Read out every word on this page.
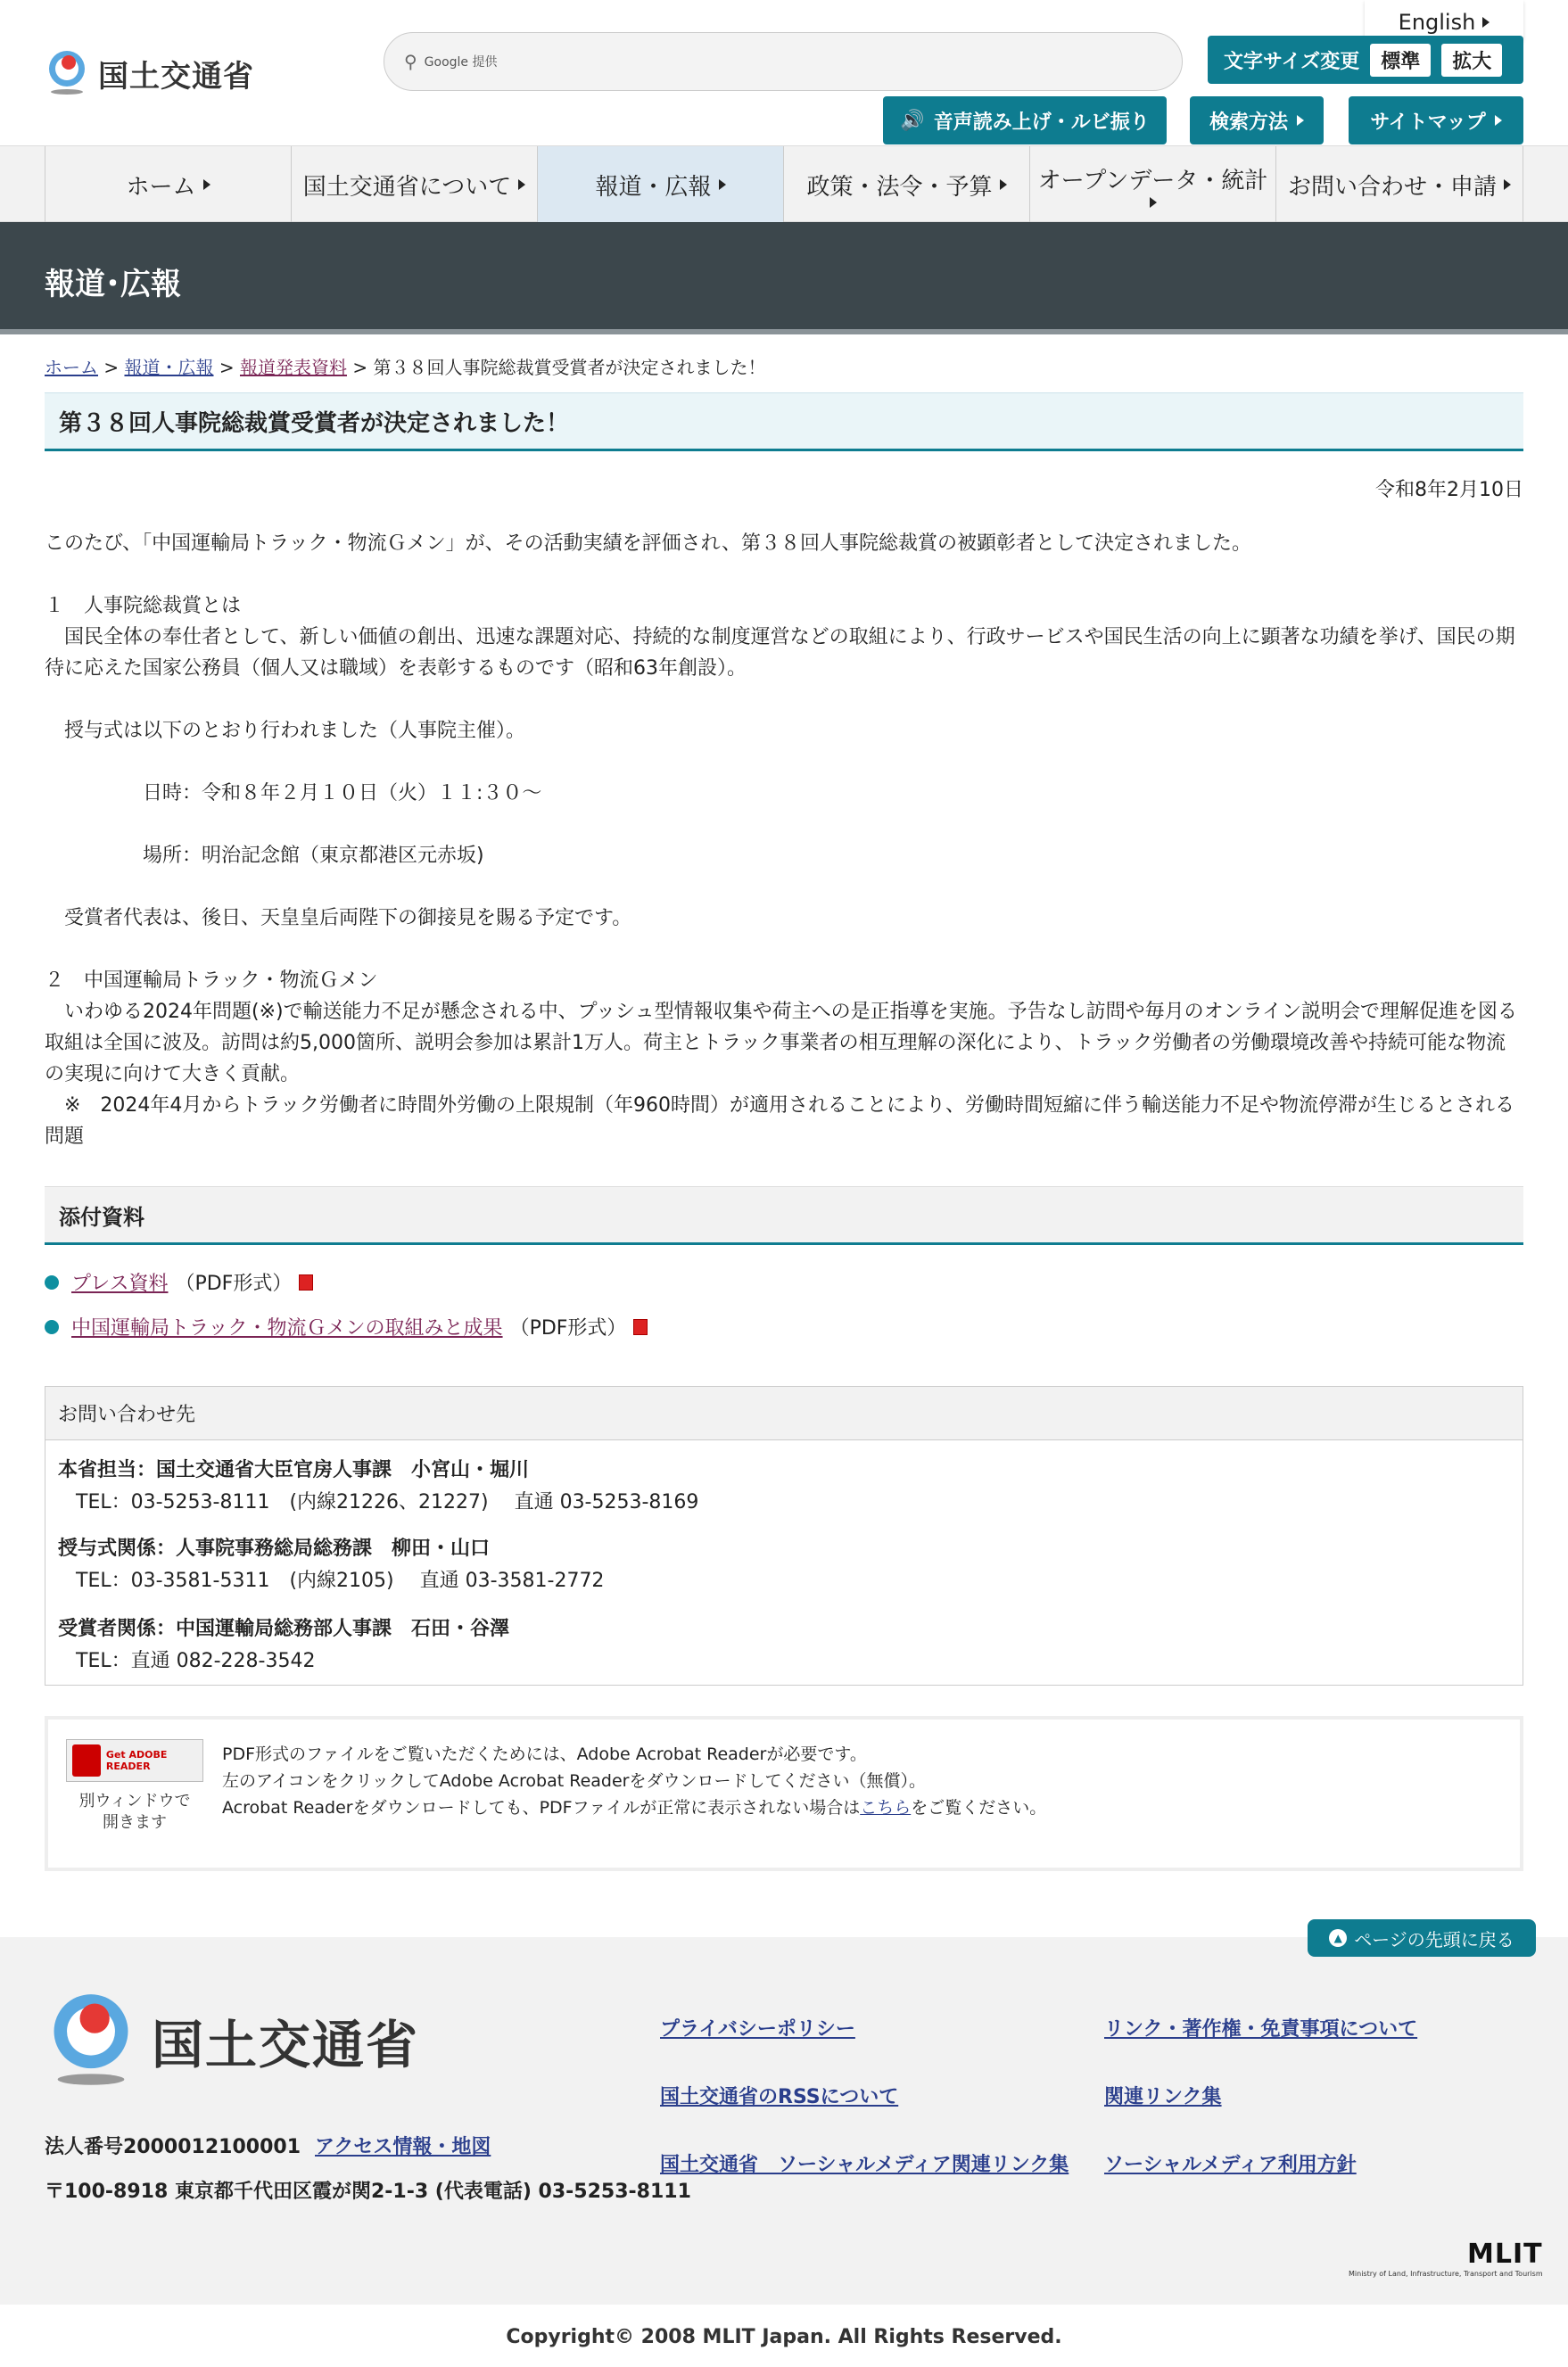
国土交通省	⚲ Google 提供
English
文字サイズ変更	標準	拡大
🔊 音声読み上げ・ルビ振り	検索方法	サイトマップ
ホーム	国土交通省について	報道・広報	政策・法令・予算 オープンデータ・統計 お問い合わせ・申請
報道･広報
ホーム > 報道・広報 > 報道発表資料 > 第３８回人事院総裁賞受賞者が決定されました！
第３８回人事院総裁賞受賞者が決定されました！
令和8年2月10日
このたび、「中国運輸局トラック・物流Ｇメン」が、その活動実績を評価され、第３８回人事院総裁賞の被顕彰者として決定されました。
１　人事院総裁賞とは
　国民全体の奉仕者として、新しい価値の創出、迅速な課題対応、持続的な制度運営などの取組により、行政サービスや国民生活の向上に顕著な功績を挙げ、国民の期待に応えた国家公務員（個人又は職域）を表彰するものです（昭和63年創設）。
　授与式は以下のとおり行われました（人事院主催）。
日時：令和８年２月１０日（火）１１:３０～
場所：明治記念館（東京都港区元赤坂)
　受賞者代表は、後日、天皇皇后両陛下の御接見を賜る予定です。
２　中国運輸局トラック・物流Ｇメン
　いわゆる2024年問題(※)で輸送能力不足が懸念される中、プッシュ型情報収集や荷主への是正指導を実施。予告なし訪問や毎月のオンライン説明会で理解促進を図る取組は全国に波及。訪問は約5,000箇所、説明会参加は累計1万人。荷主とトラック事業者の相互理解の深化により、トラック労働者の労働環境改善や持続可能な物流の実現に向けて大きく貢献。
　※　2024年4月からトラック労働者に時間外労働の上限規制（年960時間）が適用されることにより、労働時間短縮に伴う輸送能力不足や物流停滞が生じるとされる問題
添付資料
プレス資料 （PDF形式）
中国運輸局トラック・物流Ｇメンの取組みと成果 （PDF形式）
お問い合わせ先
本省担当：国土交通省大臣官房人事課　小宮山・堀川
TEL：03-5253-8111　(内線21226、21227)　 直通 03-5253-8169
授与式関係：人事院事務総局総務課　柳田・山口
TEL：03-3581-5311　(内線2105)　 直通 03-3581-2772
受賞者関係：中国運輸局総務部人事課　石田・谷澤
TEL：直通 082-228-3542
Get ADOBE READER
別ウィンドウで
開きます
PDF形式のファイルをご覧いただくためには、Adobe Acrobat Readerが必要です。
左のアイコンをクリックしてAdobe Acrobat Readerをダウンロードしてください（無償）。
Acrobat Readerをダウンロードしても、PDFファイルが正常に表示されない場合はこちらをご覧ください。
▲ ページの先頭に戻る
国土交通省	プライバシーポリシー
国土交通省のRSSについて
国土交通省　ソーシャルメディア関連リンク集
リンク・著作権・免責事項について
関連リンク集
ソーシャルメディア利用方針
法人番号2000012100001 アクセス情報・地図
〒100-8918 東京都千代田区霞が関2-1-3 (代表電話) 03-5253-8111
MLIT
Ministry of Land, Infrastructure, Transport and Tourism
Copyright© 2008 MLIT Japan. All Rights Reserved.
